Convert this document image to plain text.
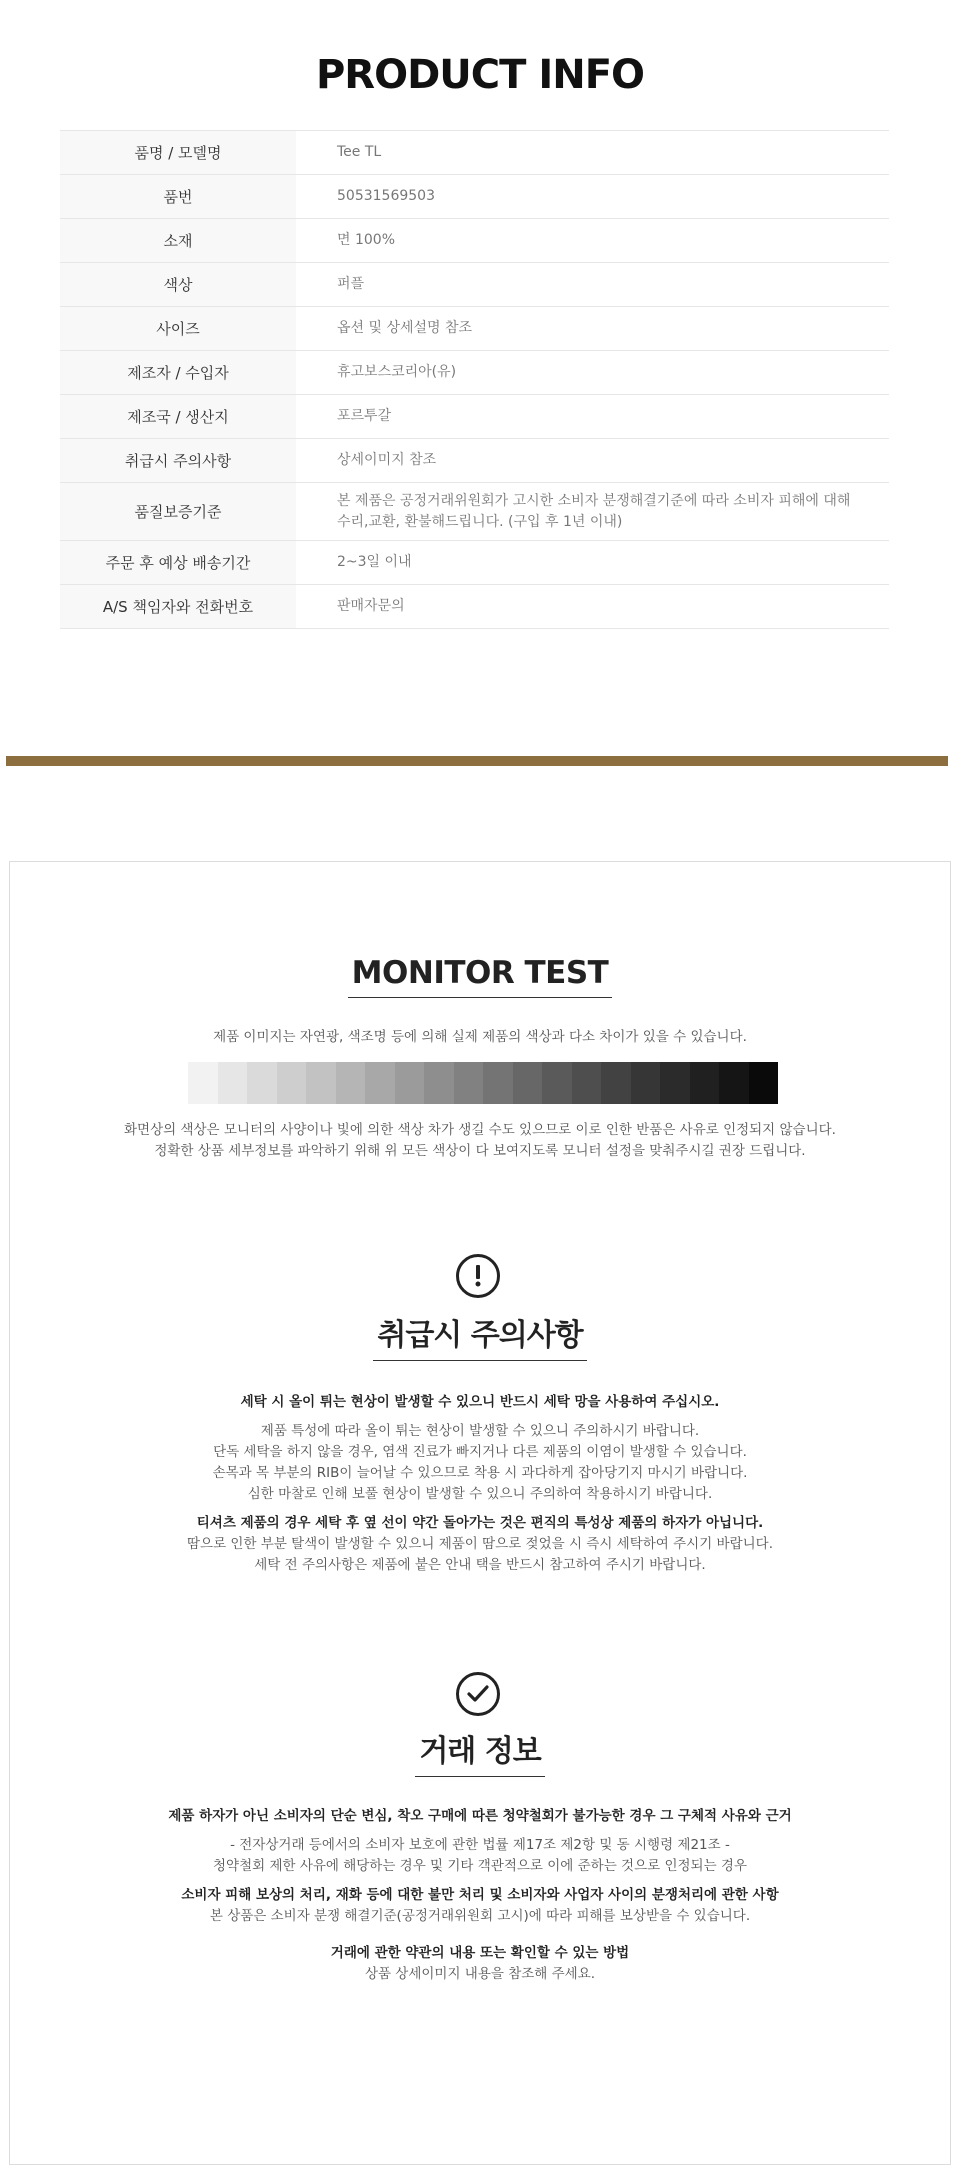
PRODUCT INFO
품명 / 모델명	Tee TL
품번	50531569503
소재	면 100%
색상	퍼플
사이즈	옵션 및 상세설명 참조
제조자 / 수입자	휴고보스코리아(유)
제조국 / 생산지	포르투갈
취급시 주의사항	상세이미지 참조
품질보증기준	본 제품은 공정거래위원회가 고시한 소비자 분쟁해결기준에 따라 소비자 피해에 대해
수리,교환, 환불해드립니다. (구입 후 1년 이내)

주문 후 예상 배송기간	2~3일 이내
A/S 책임자와 전화번호	판매자문의
MONITOR TEST

제품 이미지는 자연광, 색조명 등에 의해 실제 제품의 색상과 다소 차이가 있을 수 있습니다.

화면상의 색상은 모니터의 사양이나 빛에 의한 색상 차가 생길 수도 있으므로 이로 인한 반품은 사유로 인정되지 않습니다.

정확한 상품 세부정보를 파악하기 위해 위 모든 색상이 다 보여지도록 모니터 설정을 맞춰주시길 권장 드립니다.

취급시 주의사항

세탁 시 올이 튀는 현상이 발생할 수 있으니 반드시 세탁 망을 사용하여 주십시오.

제품 특성에 따라 올이 튀는 현상이 발생할 수 있으니 주의하시기 바랍니다.

단독 세탁을 하지 않을 경우, 염색 진료가 빠지거나 다른 제품의 이염이 발생할 수 있습니다.

손목과 목 부분의 RIB이 늘어날 수 있으므로 착용 시 과다하게 잡아당기지 마시기 바랍니다.

심한 마찰로 인해 보풀 현상이 발생할 수 있으니 주의하여 착용하시기 바랍니다.

티셔츠 제품의 경우 세탁 후 옆 선이 약간 돌아가는 것은 편직의 특성상 제품의 하자가 아닙니다.

땀으로 인한 부분 탈색이 발생할 수 있으니 제품이 땀으로 젖었을 시 즉시 세탁하여 주시기 바랍니다.

세탁 전 주의사항은 제품에 붙은 안내 택을 반드시 참고하여 주시기 바랍니다.

거래 정보

제품 하자가 아닌 소비자의 단순 변심, 착오 구매에 따른 청약철회가 불가능한 경우 그 구체적 사유와 근거

- 전자상거래 등에서의 소비자 보호에 관한 법률 제17조 제2항 및 동 시행령 제21조 -

청약철회 제한 사유에 해당하는 경우 및 기타 객관적으로 이에 준하는 것으로 인정되는 경우

소비자 피해 보상의 처리, 재화 등에 대한 불만 처리 및 소비자와 사업자 사이의 분쟁처리에 관한 사항

본 상품은 소비자 분쟁 해결기준(공정거래위원회 고시)에 따라 피해를 보상받을 수 있습니다.

거래에 관한 약관의 내용 또는 확인할 수 있는 방법

상품 상세이미지 내용을 참조해 주세요.
